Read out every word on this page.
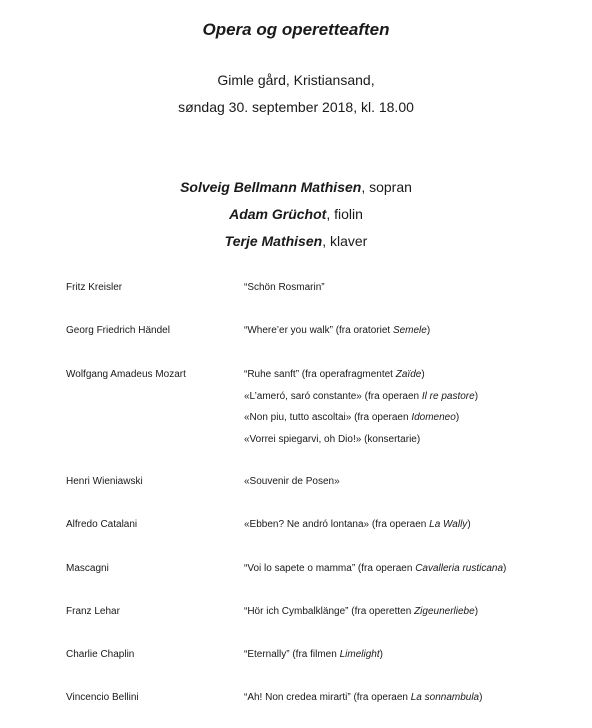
Opera og operetteaften
Gimle gård, Kristiansand,
søndag 30. september 2018, kl. 18.00
Solveig Bellmann Mathisen, sopran
Adam Grüchot, fiolin
Terje Mathisen, klaver
Fritz Kreisler	“Schön Rosmarin”
Georg Friedrich Händel	“Where’er you walk” (fra oratoriet Semele)
Wolfgang Amadeus Mozart	“Ruhe sanft” (fra operafragmentet Zaïde)
«L’ameró, saró constante» (fra operaen Il re pastore)
«Non piu, tutto ascoltai» (fra operaen Idomeneo)
«Vorrei spiegarvi, oh Dio!» (konsertarie)
Henri Wieniawski	«Souvenir de Posen»
Alfredo Catalani	«Ebben? Ne andró lontana» (fra operaen La Wally)
Mascagni	“Voi lo sapete o mamma” (fra operaen Cavalleria rusticana)
Franz Lehar	“Hör ich Cymbalklänge” (fra operetten Zigeunerliebe)
Charlie Chaplin	“Eternally” (fra filmen Limelight)
Vincencio Bellini	“Ah! Non credea mirarti” (fra operaen La sonnambula)
